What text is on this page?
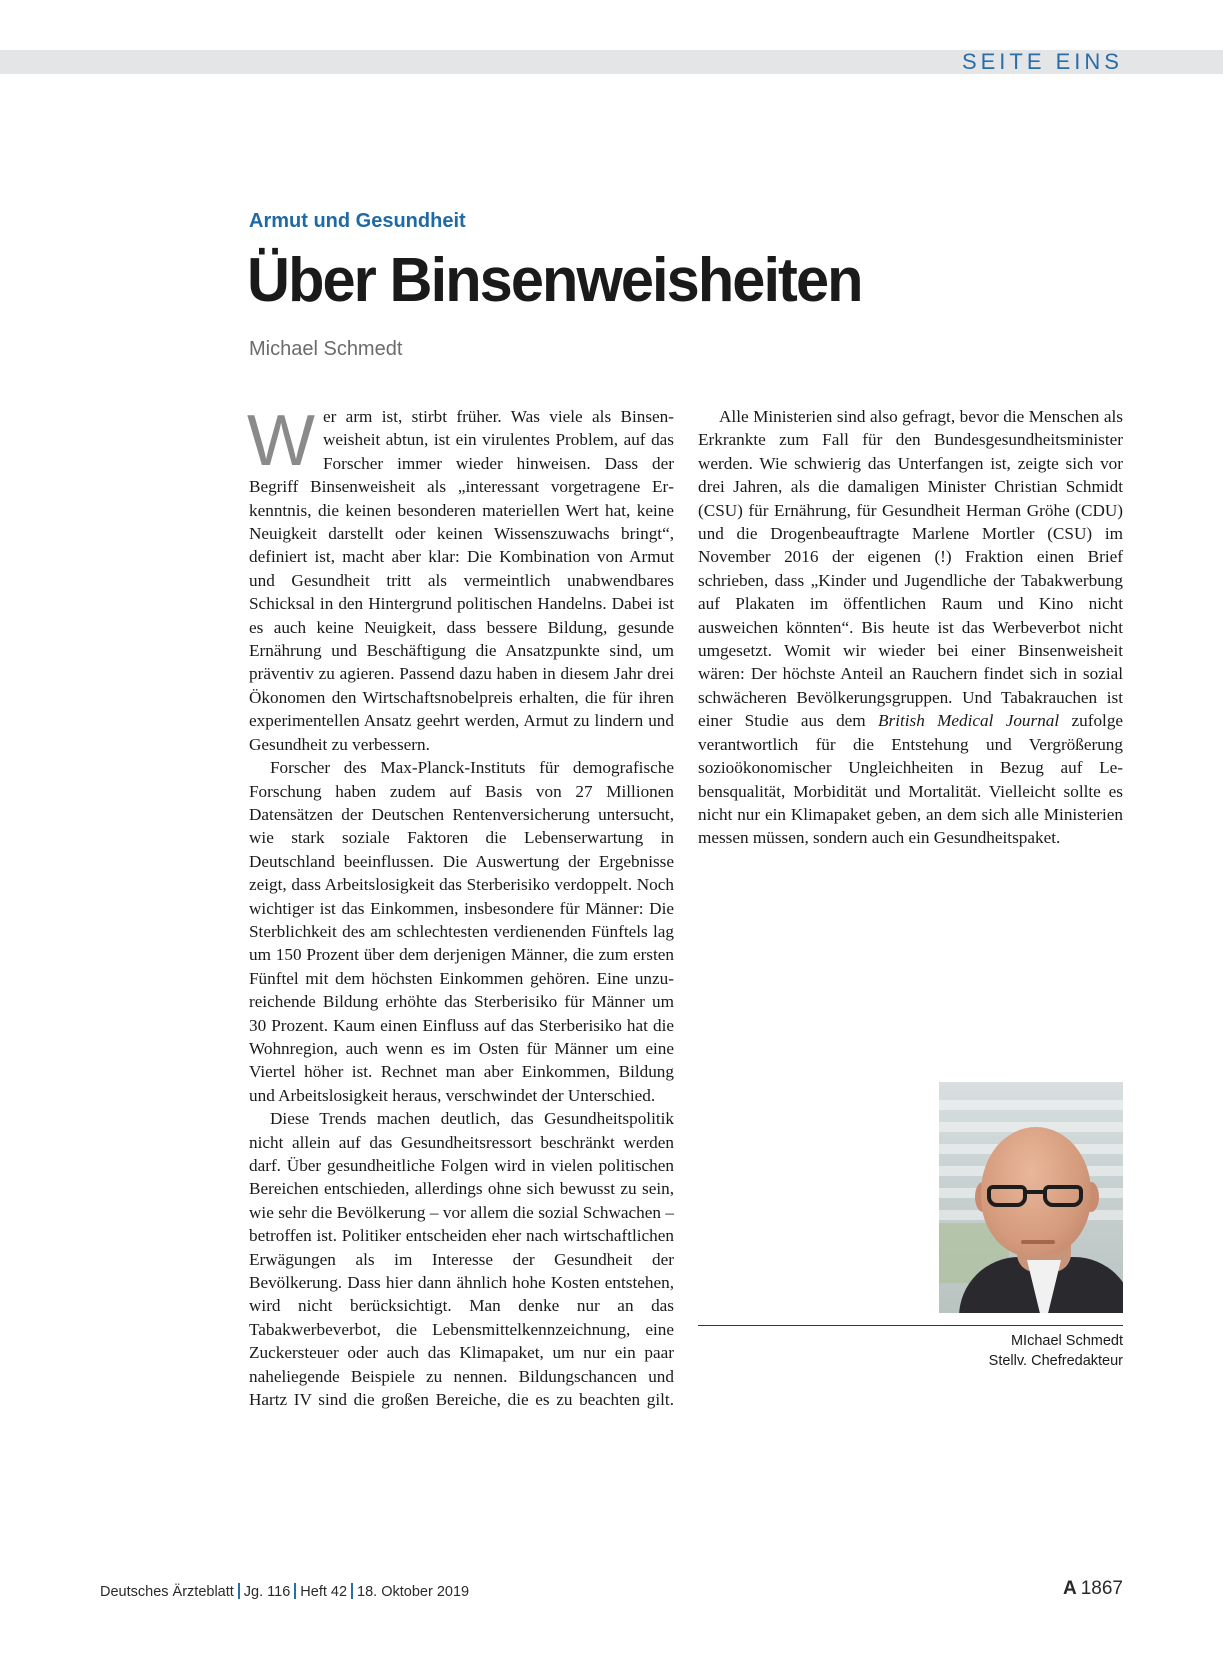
SEITE EINS
Armut und Gesundheit
Über Binsenweisheiten
Michael Schmedt

Wer arm ist, stirbt früher. Was viele als Binsenweisheit abtun, ist ein virulentes Problem, auf das Forscher immer wieder hinweisen. Dass der Begriff Binsenweisheit als „interessant vorgetragene Erkenntnis, die keinen besonderen materiellen Wert hat, keine Neuigkeit darstellt oder keinen Wissenszuwachs bringt“, definiert ist, macht aber klar: Die Kombination von Armut und Gesundheit tritt als vermeintlich unabwendbares Schicksal in den Hintergrund politischen Handelns. Dabei ist es auch keine Neuigkeit, dass bessere Bildung, gesunde Ernährung und Beschäftigung die Ansatzpunkte sind, um präventiv zu agieren. Passend dazu haben in diesem Jahr drei Ökonomen den Wirtschaftsnobelpreis erhalten, die für ihren experimentellen Ansatz geehrt werden, Armut zu lindern und Gesundheit zu verbessern.

Forscher des Max-Planck-Instituts für demografische Forschung haben zudem auf Basis von 27 Millionen Datensätzen der Deutschen Rentenversicherung untersucht, wie stark soziale Faktoren die Lebenserwartung in Deutschland beeinflussen. Die Auswertung der Ergebnisse zeigt, dass Arbeitslosigkeit das Sterberisiko verdoppelt. Noch wichtiger ist das Einkommen, insbesondere für Männer: Die Sterblichkeit des am schlechtesten verdienenden Fünftels lag um 150 Prozent über dem derjenigen Männer, die zum ersten Fünftel mit dem höchsten Einkommen gehören. Eine unzureichende Bildung erhöhte das Sterberisiko für Männer um 30 Prozent. Kaum einen Einfluss auf das Sterberisiko hat die Wohnregion, auch wenn es im Osten für Männer um eine Viertel höher ist. Rechnet man aber Einkommen, Bildung und Arbeitslosigkeit heraus, verschwindet der Unterschied.

Diese Trends machen deutlich, das Gesundheitspolitik nicht allein auf das Gesundheitsressort beschränkt werden darf. Über gesundheitliche Folgen wird in vielen politischen Bereichen entschieden, allerdings ohne sich bewusst zu sein, wie sehr die Bevölkerung – vor allem die sozial Schwachen – betroffen ist. Politiker entscheiden eher nach wirtschaftlichen Erwägungen als im Interesse der Gesundheit der Bevölkerung. Dass hier dann ähnlich hohe Kosten entstehen, wird nicht berücksichtigt. Man denke nur an das Tabakwerbeverbot, die Lebensmittelkennzeichnung, eine Zuckersteuer oder auch das Klimapaket, um nur ein paar naheliegende Beispiele zu nennen. Bildungschancen und Hartz IV sind die großen Bereiche, die es zu beachten gilt.

Alle Ministerien sind also gefragt, bevor die Menschen als Erkrankte zum Fall für den Bundesgesundheitsminister werden. Wie schwierig das Unterfangen ist, zeigte sich vor drei Jahren, als die damaligen Minister Christian Schmidt (CSU) für Ernährung, für Gesundheit Herman Gröhe (CDU) und die Drogenbeauftragte Marlene Mortler (CSU) im November 2016 der eigenen (!) Fraktion einen Brief schrieben, dass „Kinder und Jugendliche der Tabakwerbung auf Plakaten im öffentlichen Raum und Kino nicht ausweichen könnten“. Bis heute ist das Werbeverbot nicht umgesetzt. Womit wir wieder bei einer Binsenweisheit wären: Der höchste Anteil an Rauchern findet sich in sozial schwächeren Bevölkerungsgruppen. Und Tabakrauchen ist einer Studie aus dem British Medical Journal zufolge verantwortlich für die Entstehung und Vergrößerung sozioökonomischer Ungleichheiten in Bezug auf Lebensqualität, Morbidität und Mortalität. Vielleicht sollte es nicht nur ein Klimapaket geben, an dem sich alle Ministerien messen müssen, sondern auch ein Gesundheitspaket.

MIchael Schmedt
Stellv. Chefredakteur
Deutsches Ärzteblatt Jg. 116 Heft 42 18. Oktober 2019	A 1867
